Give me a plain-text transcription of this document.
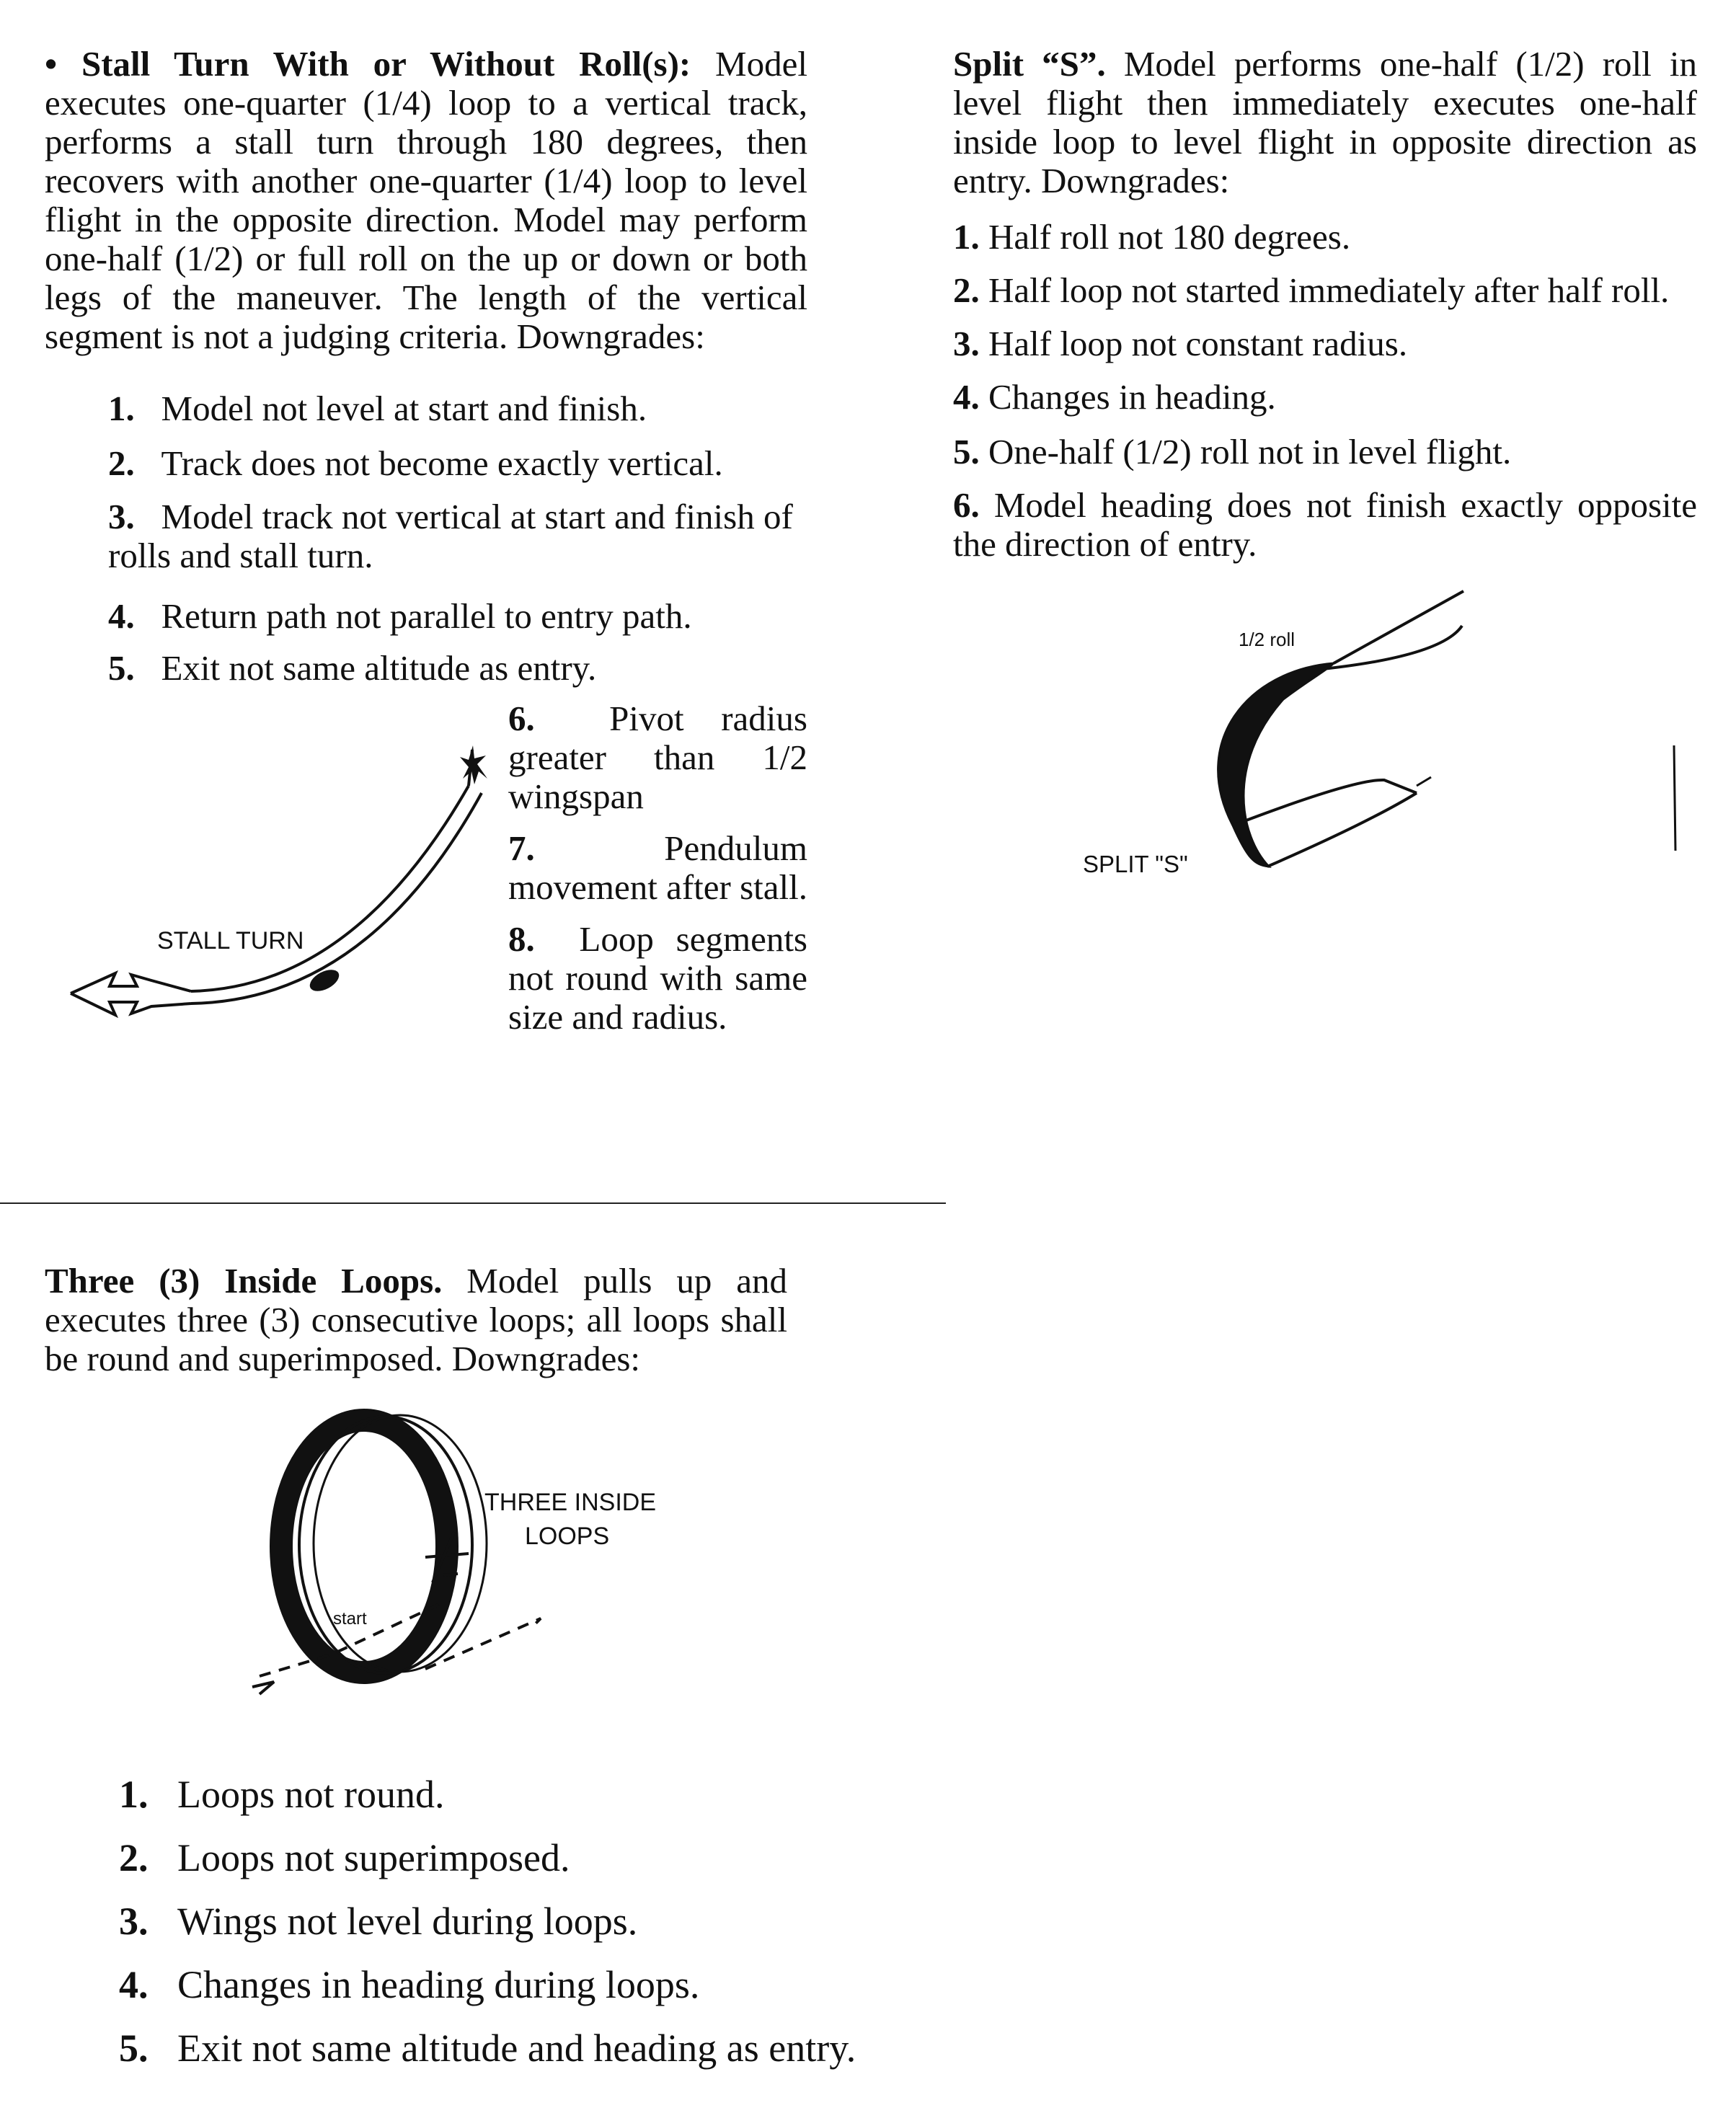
• Stall Turn With or Without Roll(s): Model executes one-quarter (1/4) loop to a vertical track, performs a stall turn through 180 degrees, then recovers with another one-quarter (1/4) loop to level flight in the opposite direction. Model may perform one-half (1/2) or full roll on the up or down or both legs of the maneuver. The length of the vertical segment is not a judging criteria. Downgrades:
1. Model not level at start and finish.
2. Track does not become exactly vertical.
3. Model track not vertical at start and finish of rolls and stall turn.
4. Return path not parallel to entry path.
5. Exit not same altitude as entry.
6. Pivot radius greater than 1/2 wingspan
7.	Pendulum movement after stall.
8. Loop segments not round with same size and radius.
STALL TURN
Three (3) Inside Loops. Model pulls up and executes three (3) consecutive loops; all loops shall be round and superimposed. Downgrades:
THREE INSIDE
LOOPS
start
1. Loops not round.
2. Loops not superimposed.
3. Wings not level during loops.
4. Changes in heading during loops.
5. Exit not same altitude and heading as entry.
Split “S”. Model performs one-half (1/2) roll in level flight then immediately executes one-half inside loop to level flight in opposite direction as entry. Downgrades:
1. Half roll not 180 degrees.
2. Half loop not started immediately after half roll.
3. Half loop not constant radius.
4. Changes in heading.
5. One-half (1/2) roll not in level flight.
6. Model heading does not finish exactly opposite the direction of entry.
1/2 roll
SPLIT "S"
